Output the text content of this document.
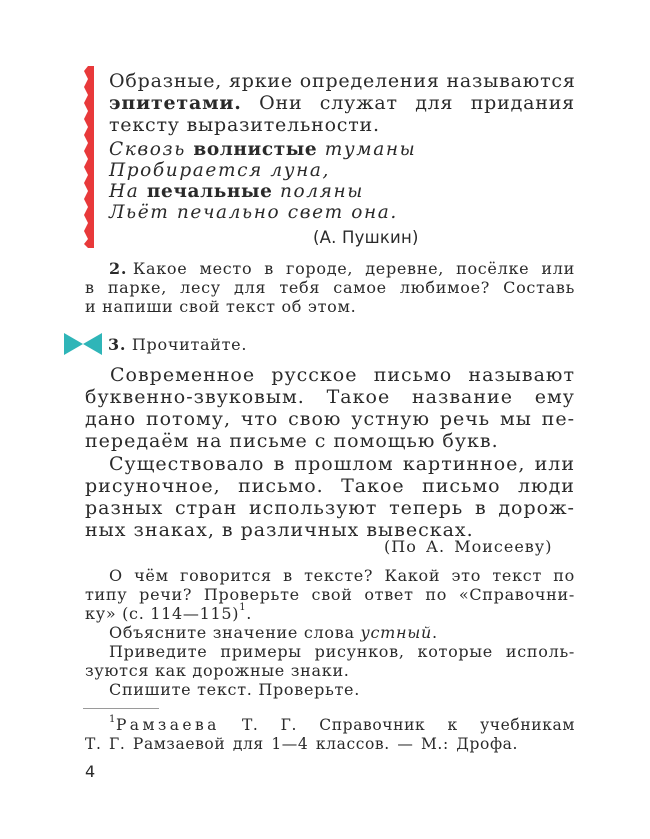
Образные, яркие определения называются
эпитетами. Они служат для придания
тексту выразительности.
Сквозь волнистые туманы
Пробирается луна,
На печальные поляны
Льёт печально свет она.
(А. Пушкин)
2. Какое место в городе, деревне, посёлке или
в парке, лесу для тебя самое любимое? Составь
и напиши свой текст об этом.
3. Прочитайте.
Современное русское письмо называют
буквенно-звуковым. Такое название ему
дано потому, что свою устную речь мы пе-
передаём на письме с помощью букв.
Существовало в прошлом картинное, или
рисуночное, письмо. Такое письмо люди
разных стран используют теперь в дорож-
ных знаках, в различных вывесках.
(По А. Моисееву)
О чём говорится в тексте? Какой это текст по
типу речи? Проверьте свой ответ по «Справочни-
ку» (с. 114—115)$^1$.
Объясните значение слова устный.
Приведите примеры рисунков, которые исполь-
зуются как дорожные знаки.
Спишите текст. Проверьте.
$^1$Рамзаева Т. Г. Справочник к учебникам
Т. Г. Рамзаевой для 1—4 классов. — М.: Дрофа.
4
